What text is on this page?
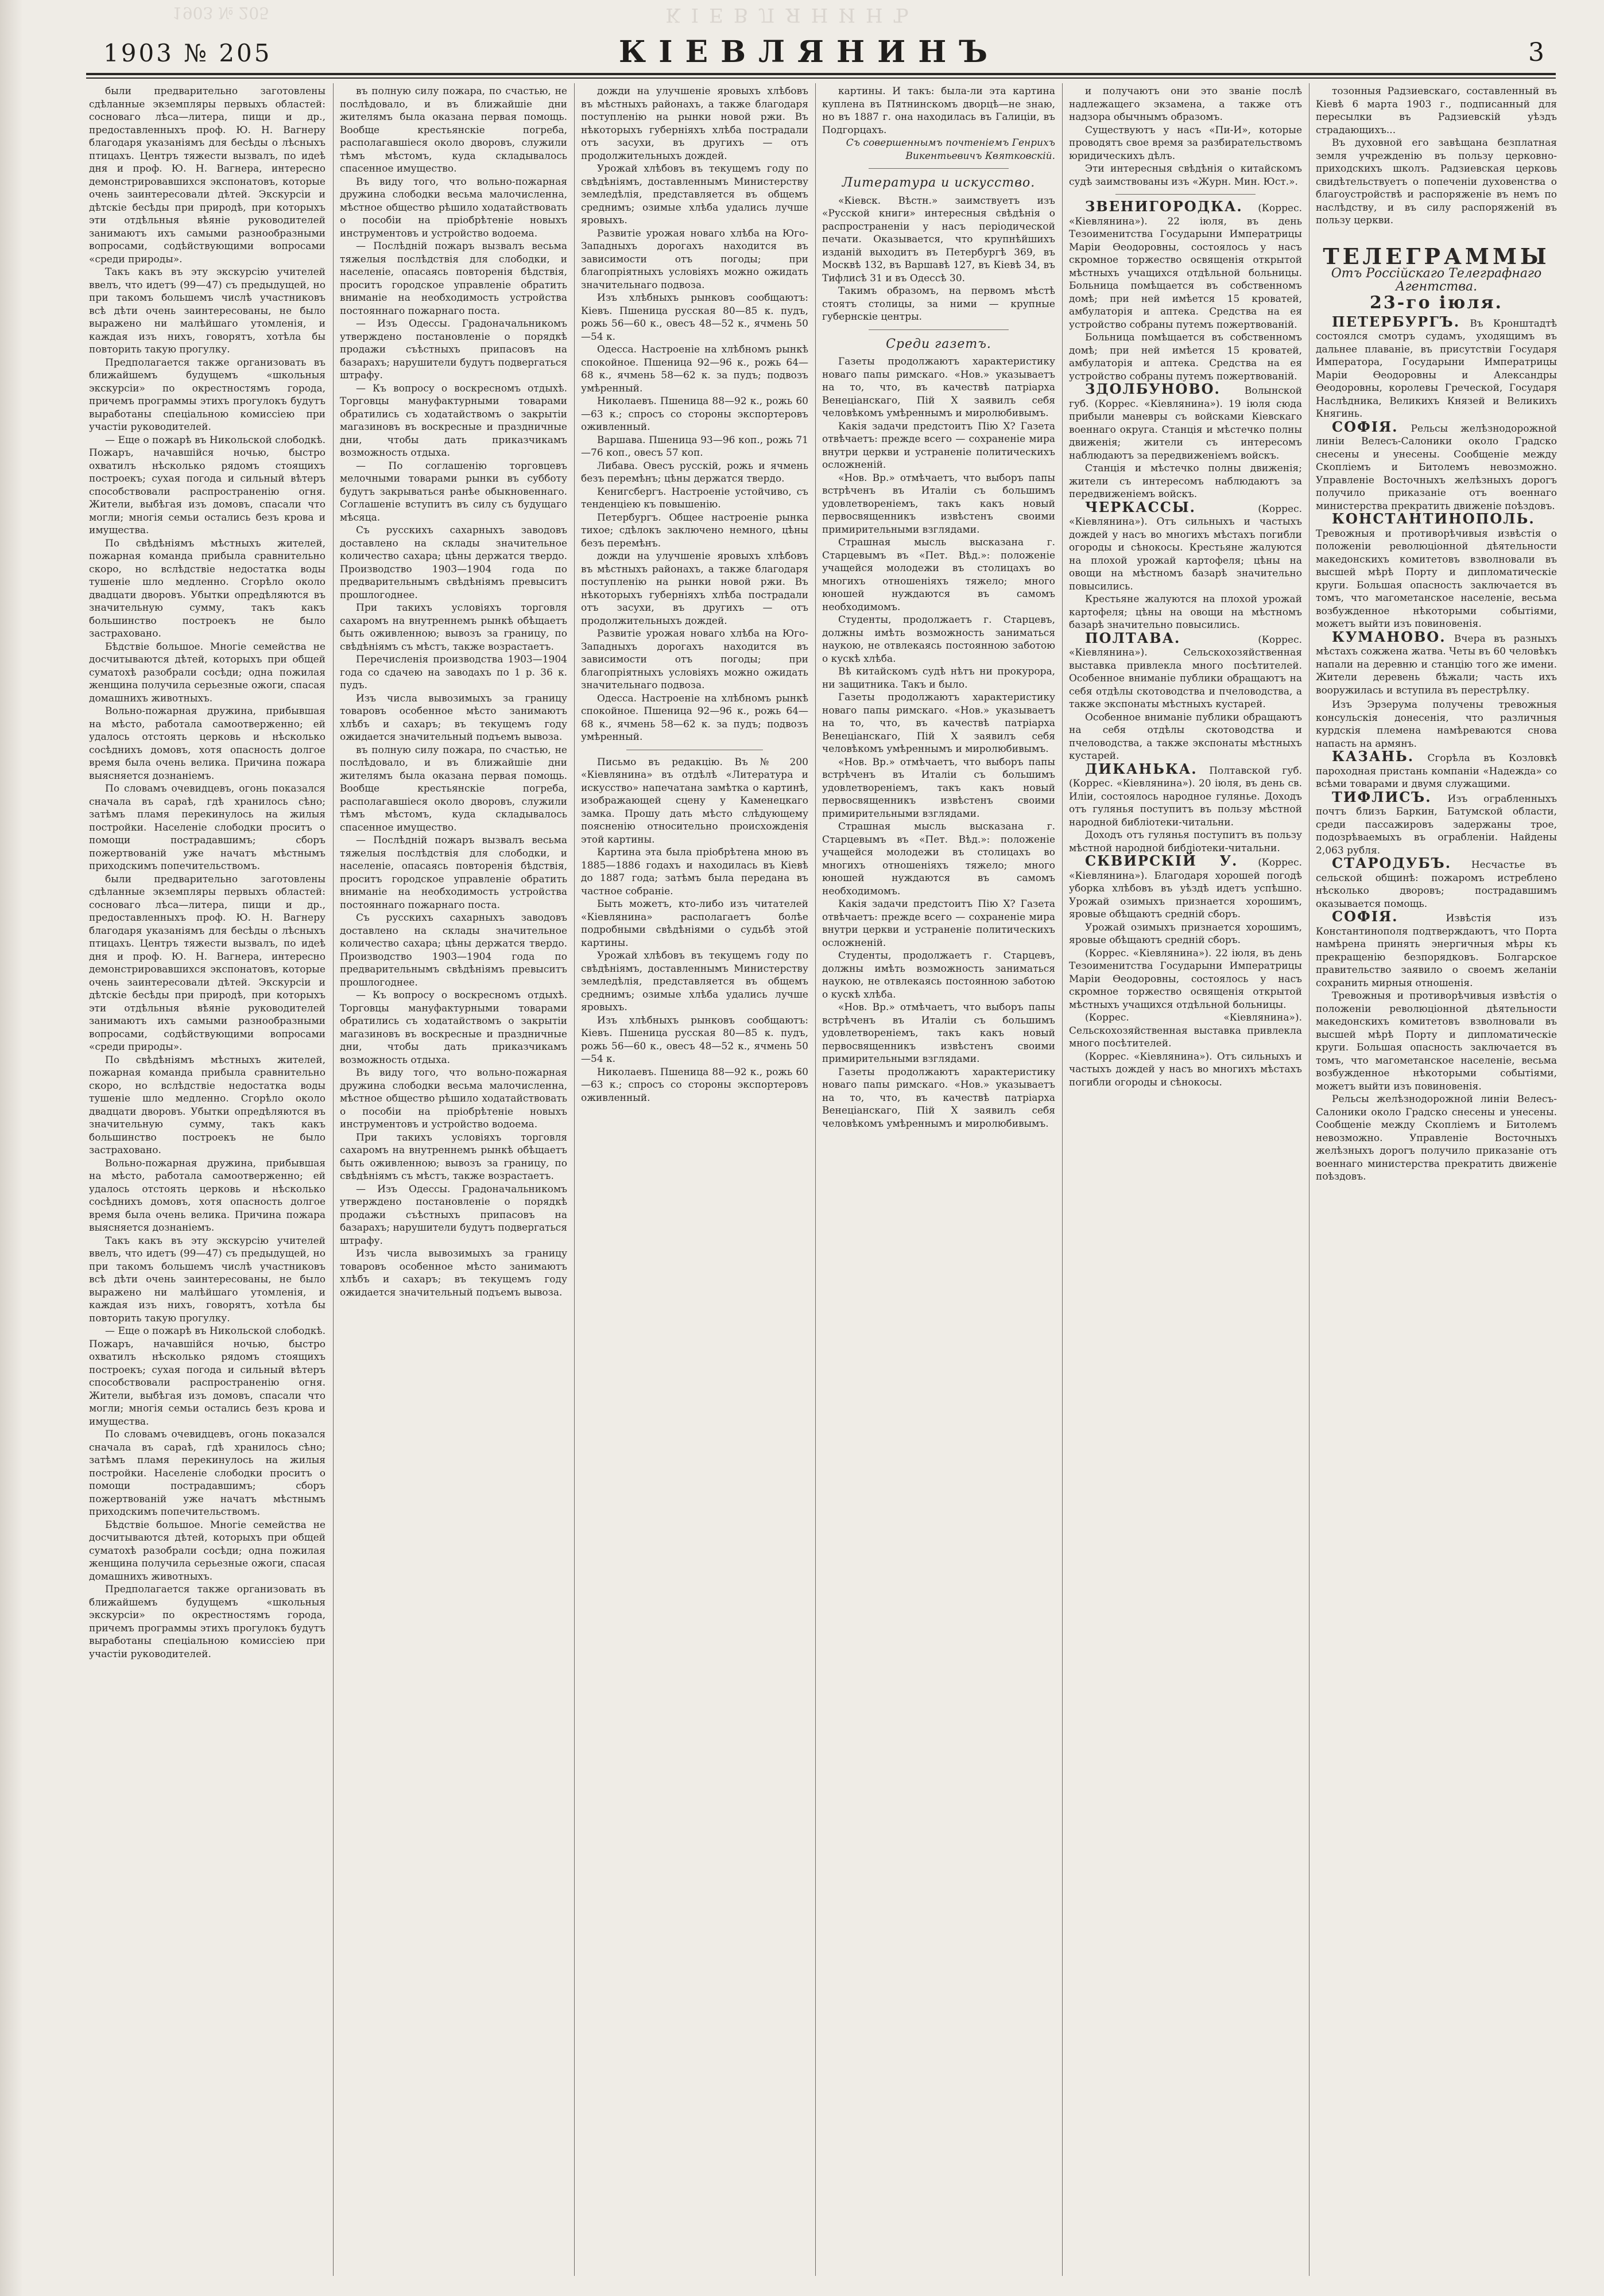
1903 № 205	КІЕВЛЯНИНЪ
1903 № 205	КІЕВЛЯНИНЪ	3

были предварительно заготовлены сдѣланные экземпляры первыхъ областей: сосноваго лѣса—литера, пищи и др., предоставленныхъ проф. Ю. Н. Вагнеру благодаря указаніямъ для бесѣды о лѣсныхъ птицахъ. Центръ тяжести вызвалъ, по идеѣ дня и проф. Ю. Н. Вагнера, интересно демонстрировавшихся экспонатовъ, которые очень заинтересовали дѣтей. Экскурсіи и дѣтскіе бесѣды при природѣ, при которыхъ эти отдѣльныя вѣяніе руководителей занимаютъ ихъ самыми разнообразными вопросами, содѣйствующими вопросами «среди природы».

Такъ какъ въ эту экскурсію учителей ввелъ, что идетъ (99—47) съ предыдущей, но при такомъ большемъ числѣ участниковъ всѣ дѣти очень заинтересованы, не было выражено ни малѣйшаго утомленія, и каждая изъ нихъ, говорятъ, хотѣла бы повторить такую прогулку.

Предполагается также организовать въ ближайшемъ будущемъ «школьныя экскурсіи» по окрестностямъ города, причемъ программы этихъ прогулокъ будутъ выработаны спеціальною комиссіею при участіи руководителей.

— Еще о пожарѣ въ Никольской слободкѣ. Пожаръ, начавшійся ночью, быстро охватилъ нѣсколько рядомъ стоящихъ построекъ; сухая погода и сильный вѣтеръ способствовали распространенію огня. Жители, выбѣгая изъ домовъ, спасали что могли; многія семьи остались безъ крова и имущества.

По свѣдѣніямъ мѣстныхъ жителей, пожарная команда прибыла сравнительно скоро, но вслѣдствіе недостатка воды тушеніе шло медленно. Сгорѣло около двадцати дворовъ. Убытки опредѣляются въ значительную сумму, такъ какъ большинство построекъ не было застраховано.

Бѣдствіе большое. Многіе семейства не досчитываются дѣтей, которыхъ при общей суматохѣ разобрали сосѣди; одна пожилая женщина получила серьезные ожоги, спасая домашнихъ животныхъ.

Вольно-пожарная дружина, прибывшая на мѣсто, работала самоотверженно; ей удалось отстоять церковь и нѣсколько сосѣднихъ домовъ, хотя опасность долгое время была очень велика. Причина пожара выясняется дознаніемъ.

По словамъ очевидцевъ, огонь показался сначала въ сараѣ, гдѣ хранилось сѣно; затѣмъ пламя перекинулось на жилыя постройки. Населеніе слободки проситъ о помощи пострадавшимъ; сборъ пожертвованій уже начатъ мѣстнымъ приходскимъ попечительствомъ.

были предварительно заготовлены сдѣланные экземпляры первыхъ областей: сосноваго лѣса—литера, пищи и др., предоставленныхъ проф. Ю. Н. Вагнеру благодаря указаніямъ для бесѣды о лѣсныхъ птицахъ. Центръ тяжести вызвалъ, по идеѣ дня и проф. Ю. Н. Вагнера, интересно демонстрировавшихся экспонатовъ, которые очень заинтересовали дѣтей. Экскурсіи и дѣтскіе бесѣды при природѣ, при которыхъ эти отдѣльныя вѣяніе руководителей занимаютъ ихъ самыми разнообразными вопросами, содѣйствующими вопросами «среди природы».

По свѣдѣніямъ мѣстныхъ жителей, пожарная команда прибыла сравнительно скоро, но вслѣдствіе недостатка воды тушеніе шло медленно. Сгорѣло около двадцати дворовъ. Убытки опредѣляются въ значительную сумму, такъ какъ большинство построекъ не было застраховано.

Вольно-пожарная дружина, прибывшая на мѣсто, работала самоотверженно; ей удалось отстоять церковь и нѣсколько сосѣднихъ домовъ, хотя опасность долгое время была очень велика. Причина пожара выясняется дознаніемъ.

Такъ какъ въ эту экскурсію учителей ввелъ, что идетъ (99—47) съ предыдущей, но при такомъ большемъ числѣ участниковъ всѣ дѣти очень заинтересованы, не было выражено ни малѣйшаго утомленія, и каждая изъ нихъ, говорятъ, хотѣла бы повторить такую прогулку.

— Еще о пожарѣ въ Никольской слободкѣ. Пожаръ, начавшійся ночью, быстро охватилъ нѣсколько рядомъ стоящихъ построекъ; сухая погода и сильный вѣтеръ способствовали распространенію огня. Жители, выбѣгая изъ домовъ, спасали что могли; многія семьи остались безъ крова и имущества.

По словамъ очевидцевъ, огонь показался сначала въ сараѣ, гдѣ хранилось сѣно; затѣмъ пламя перекинулось на жилыя постройки. Населеніе слободки проситъ о помощи пострадавшимъ; сборъ пожертвованій уже начатъ мѣстнымъ приходскимъ попечительствомъ.

Бѣдствіе большое. Многіе семейства не досчитываются дѣтей, которыхъ при общей суматохѣ разобрали сосѣди; одна пожилая женщина получила серьезные ожоги, спасая домашнихъ животныхъ.

Предполагается также организовать въ ближайшемъ будущемъ «школьныя экскурсіи» по окрестностямъ города, причемъ программы этихъ прогулокъ будутъ выработаны спеціальною комиссіею при участіи руководителей.

въ полную силу пожара, по счастью, не послѣдовало, и въ ближайшіе дни жителямъ была оказана первая помощь. Вообще крестьянскіе погреба, располагавшіеся около дворовъ, служили тѣмъ мѣстомъ, куда складывалось спасенное имущество.

Въ виду того, что вольно-пожарная дружина слободки весьма малочисленна, мѣстное общество рѣшило ходатайствовать о пособіи на пріобрѣтеніе новыхъ инструментовъ и устройство водоема.

— Послѣдній пожаръ вызвалъ весьма тяжелыя послѣдствія для слободки, и населеніе, опасаясь повторенія бѣдствія, проситъ городское управленіе обратить вниманіе на необходимость устройства постояннаго пожарнаго поста.

— Изъ Одессы. Градоначальникомъ утверждено постановленіе о порядкѣ продажи съѣстныхъ припасовъ на базарахъ; нарушители будутъ подвергаться штрафу.

— Къ вопросу о воскресномъ отдыхѣ. Торговцы мануфактурными товарами обратились съ ходатайствомъ о закрытіи магазиновъ въ воскресные и праздничные дни, чтобы дать приказчикамъ возможность отдыха.

— По соглашенію торговцевъ мелочными товарами рынки въ субботу будутъ закрываться ранѣе обыкновеннаго. Соглашеніе вступитъ въ силу съ будущаго мѣсяца.

Съ русскихъ сахарныхъ заводовъ доставлено на склады значительное количество сахара; цѣны держатся твердо. Производство 1903—1904 года по предварительнымъ свѣдѣніямъ превыситъ прошлогоднее.

При такихъ условіяхъ торговля сахаромъ на внутреннемъ рынкѣ обѣщаетъ быть оживленною; вывозъ за границу, по свѣдѣніямъ съ мѣстъ, также возрастаетъ.

Перечисленія производства 1903—1904 года со сдачею на заводахъ по 1 р. 36 к. пудъ.

Изъ числа вывозимыхъ за границу товаровъ особенное мѣсто занимаютъ хлѣбъ и сахаръ; въ текущемъ году ожидается значительный подъемъ вывоза.

въ полную силу пожара, по счастью, не послѣдовало, и въ ближайшіе дни жителямъ была оказана первая помощь. Вообще крестьянскіе погреба, располагавшіеся около дворовъ, служили тѣмъ мѣстомъ, куда складывалось спасенное имущество.

— Послѣдній пожаръ вызвалъ весьма тяжелыя послѣдствія для слободки, и населеніе, опасаясь повторенія бѣдствія, проситъ городское управленіе обратить вниманіе на необходимость устройства постояннаго пожарнаго поста.

Съ русскихъ сахарныхъ заводовъ доставлено на склады значительное количество сахара; цѣны держатся твердо. Производство 1903—1904 года по предварительнымъ свѣдѣніямъ превыситъ прошлогоднее.

— Къ вопросу о воскресномъ отдыхѣ. Торговцы мануфактурными товарами обратились съ ходатайствомъ о закрытіи магазиновъ въ воскресные и праздничные дни, чтобы дать приказчикамъ возможность отдыха.

Въ виду того, что вольно-пожарная дружина слободки весьма малочисленна, мѣстное общество рѣшило ходатайствовать о пособіи на пріобрѣтеніе новыхъ инструментовъ и устройство водоема.

При такихъ условіяхъ торговля сахаромъ на внутреннемъ рынкѣ обѣщаетъ быть оживленною; вывозъ за границу, по свѣдѣніямъ съ мѣстъ, также возрастаетъ.

— Изъ Одессы. Градоначальникомъ утверждено постановленіе о порядкѣ продажи съѣстныхъ припасовъ на базарахъ; нарушители будутъ подвергаться штрафу.

Изъ числа вывозимыхъ за границу товаровъ особенное мѣсто занимаютъ хлѣбъ и сахаръ; въ текущемъ году ожидается значительный подъемъ вывоза.

дожди на улучшеніе яровыхъ хлѣбовъ въ мѣстныхъ районахъ, а также благодаря поступленію на рынки новой ржи. Въ нѣкоторыхъ губерніяхъ хлѣба пострадали отъ засухи, въ другихъ — отъ продолжительныхъ дождей.

Урожай хлѣбовъ въ текущемъ году по свѣдѣніямъ, доставленнымъ Министерству земледѣлія, представляется въ общемъ среднимъ; озимые хлѣба удались лучше яровыхъ.

Развитіе урожая новаго хлѣба на Юго-Западныхъ дорогахъ находится въ зависимости отъ погоды; при благопріятныхъ условіяхъ можно ожидать значительнаго подвоза.

Изъ хлѣбныхъ рынковъ сообщаютъ: Кіевъ. Пшеница русская 80—85 к. пудъ, рожь 56—60 к., овесъ 48—52 к., ячмень 50—54 к.

Одесса. Настроеніе на хлѣбномъ рынкѣ спокойное. Пшеница 92—96 к., рожь 64—68 к., ячмень 58—62 к. за пудъ; подвозъ умѣренный.

Николаевъ. Пшеница 88—92 к., рожь 60—63 к.; спросъ со стороны экспортеровъ оживленный.

Варшава. Пшеница 93—96 коп., рожь 71—76 коп., овесъ 57 коп.

Либава. Овесъ русскій, рожь и ячмень безъ перемѣнъ; цѣны держатся твердо.

Кенигсбергъ. Настроеніе устойчиво, съ тенденціею къ повышенію.

Петербургъ. Общее настроеніе рынка тихое; сдѣлокъ заключено немного, цѣны безъ перемѣнъ.

дожди на улучшеніе яровыхъ хлѣбовъ въ мѣстныхъ районахъ, а также благодаря поступленію на рынки новой ржи. Въ нѣкоторыхъ губерніяхъ хлѣба пострадали отъ засухи, въ другихъ — отъ продолжительныхъ дождей.

Развитіе урожая новаго хлѣба на Юго-Западныхъ дорогахъ находится въ зависимости отъ погоды; при благопріятныхъ условіяхъ можно ожидать значительнаго подвоза.

Одесса. Настроеніе на хлѣбномъ рынкѣ спокойное. Пшеница 92—96 к., рожь 64—68 к., ячмень 58—62 к. за пудъ; подвозъ умѣренный.

Письмо въ редакцію. Въ № 200 «Кіевлянина» въ отдѣлѣ «Литература и искусство» напечатана замѣтка о картинѣ, изображающей сцену у Каменецкаго замка. Прошу дать мѣсто слѣдующему поясненію относительно происхожденія этой картины.

Картина эта была пріобрѣтена мною въ 1885—1886 годахъ и находилась въ Кіевѣ до 1887 года; затѣмъ была передана въ частное собраніе.

Быть можетъ, кто-либо изъ читателей «Кіевлянина» располагаетъ болѣе подробными свѣдѣніями о судьбѣ этой картины.

Урожай хлѣбовъ въ текущемъ году по свѣдѣніямъ, доставленнымъ Министерству земледѣлія, представляется въ общемъ среднимъ; озимые хлѣба удались лучше яровыхъ.

Изъ хлѣбныхъ рынковъ сообщаютъ: Кіевъ. Пшеница русская 80—85 к. пудъ, рожь 56—60 к., овесъ 48—52 к., ячмень 50—54 к.

Николаевъ. Пшеница 88—92 к., рожь 60—63 к.; спросъ со стороны экспортеровъ оживленный.

картины. И такъ: была-ли эта картина куплена въ Пятнинскомъ дворцѣ—не знаю, но въ 1887 г. она находилась въ Галиціи, въ Подгорцахъ.

Съ совершеннымъ почтеніемъ Генрихъ Викентьевичъ Квятковскій.

Литература и искусство.

«Кіевск. Вѣстн.» заимствуетъ изъ «Русской книги» интересныя свѣдѣнія о распространеніи у насъ періодической печати. Оказывается, что крупнѣйшихъ изданій выходитъ въ Петербургѣ 369, въ Москвѣ 132, въ Варшавѣ 127, въ Кіевѣ 34, въ Тифлисѣ 31 и въ Одессѣ 30.

Такимъ образомъ, на первомъ мѣстѣ стоятъ столицы, за ними — крупные губернскіе центры.

Среди газетъ.

Газеты продолжаютъ характеристику новаго папы римскаго. «Нов.» указываетъ на то, что, въ качествѣ патріарха Венеціанскаго, Пій X заявилъ себя человѣкомъ умѣреннымъ и миролюбивымъ.

Какія задачи предстоитъ Пію X? Газета отвѣчаетъ: прежде всего — сохраненіе мира внутри церкви и устраненіе политическихъ осложненій.

«Нов. Вр.» отмѣчаетъ, что выборъ папы встрѣченъ въ Италіи съ большимъ удовлетвореніемъ, такъ какъ новый первосвященникъ извѣстенъ своими примирительными взглядами.

Страшная мысль высказана г. Старцевымъ въ «Пет. Вѣд.»: положеніе учащейся молодежи въ столицахъ во многихъ отношеніяхъ тяжело; много юношей нуждаются въ самомъ необходимомъ.

Студенты, продолжаетъ г. Старцевъ, должны имѣть возможность заниматься наукою, не отвлекаясь постоянною заботою о кускѣ хлѣба.

Вѣ китайскомъ судѣ нѣтъ ни прокурора, ни защитника. Такъ и было.

Газеты продолжаютъ характеристику новаго папы римскаго. «Нов.» указываетъ на то, что, въ качествѣ патріарха Венеціанскаго, Пій X заявилъ себя человѣкомъ умѣреннымъ и миролюбивымъ.

«Нов. Вр.» отмѣчаетъ, что выборъ папы встрѣченъ въ Италіи съ большимъ удовлетвореніемъ, такъ какъ новый первосвященникъ извѣстенъ своими примирительными взглядами.

Страшная мысль высказана г. Старцевымъ въ «Пет. Вѣд.»: положеніе учащейся молодежи въ столицахъ во многихъ отношеніяхъ тяжело; много юношей нуждаются въ самомъ необходимомъ.

Какія задачи предстоитъ Пію X? Газета отвѣчаетъ: прежде всего — сохраненіе мира внутри церкви и устраненіе политическихъ осложненій.

Студенты, продолжаетъ г. Старцевъ, должны имѣть возможность заниматься наукою, не отвлекаясь постоянною заботою о кускѣ хлѣба.

«Нов. Вр.» отмѣчаетъ, что выборъ папы встрѣченъ въ Италіи съ большимъ удовлетвореніемъ, такъ какъ новый первосвященникъ извѣстенъ своими примирительными взглядами.

Газеты продолжаютъ характеристику новаго папы римскаго. «Нов.» указываетъ на то, что, въ качествѣ патріарха Венеціанскаго, Пій X заявилъ себя человѣкомъ умѣреннымъ и миролюбивымъ.

и получаютъ они это званіе послѣ надлежащего экзамена, а также отъ надзора обычнымъ образомъ.

Существуютъ у насъ «Пи-И», которые проводятъ свое время за разбирательствомъ юридическихъ дѣлъ.

Эти интересныя свѣдѣнія о китайскомъ судѣ заимствованы изъ «Журн. Мин. Юст.».

ЗВЕНИГОРОДКА. (Коррес. «Кіевлянина»). 22 іюля, въ день Тезоименитства Государыни Императрицы Маріи Ѳеодоровны, состоялось у насъ скромное торжество освященія открытой мѣстныхъ учащихся отдѣльной больницы. Больница помѣщается въ собственномъ домѣ; при ней имѣется 15 кроватей, амбулаторія и аптека. Средства на ея устройство собраны путемъ пожертвованій.

Больница помѣщается въ собственномъ домѣ; при ней имѣется 15 кроватей, амбулаторія и аптека. Средства на ея устройство собраны путемъ пожертвованій.

ЗДОЛБУНОВО. Волынской губ. (Коррес. «Кіевлянина»). 19 іюля сюда прибыли маневры съ войсками Кіевскаго военнаго округа. Станція и мѣстечко полны движенія; жители съ интересомъ наблюдаютъ за передвиженіемъ войскъ.

Станція и мѣстечко полны движенія; жители съ интересомъ наблюдаютъ за передвиженіемъ войскъ.

ЧЕРКАССЫ.	(Коррес. «Кіевлянина»). Отъ сильныхъ и частыхъ дождей у насъ во многихъ мѣстахъ погибли огороды и сѣнокосы. Крестьяне жалуются на плохой урожай картофеля; цѣны на овощи на мѣстномъ базарѣ значительно повысились.

Крестьяне жалуются на плохой урожай картофеля; цѣны на овощи на мѣстномъ базарѣ значительно повысились.

ПОЛТАВА.	(Коррес. «Кіевлянина»). Сельскохозяйственная выставка привлекла много посѣтителей. Особенное вниманіе публики обращаютъ на себя отдѣлы скотоводства и пчеловодства, а также экспонаты мѣстныхъ кустарей.

Особенное вниманіе публики обращаютъ на себя отдѣлы скотоводства и пчеловодства, а также экспонаты мѣстныхъ кустарей.

ДИКАНЬКА. Полтавской губ. (Коррес. «Кіевлянина»). 20 іюля, въ день св. Иліи, состоялось народное гулянье. Доходъ отъ гулянья поступитъ въ пользу мѣстной народной библіотеки-читальни.

Доходъ отъ гулянья поступитъ въ пользу мѣстной народной библіотеки-читальни.

СКВИРСКІЙ У. (Коррес. «Кіевлянина»). Благодаря хорошей погодѣ уборка хлѣбовъ въ уѣздѣ идетъ успѣшно. Урожай озимыхъ признается хорошимъ, яровые обѣщаютъ средній сборъ.

Урожай озимыхъ признается хорошимъ, яровые обѣщаютъ средній сборъ.

(Коррес. «Кіевлянина»). 22 іюля, въ день Тезоименитства Государыни Императрицы Маріи Ѳеодоровны, состоялось у насъ скромное торжество освященія открытой мѣстныхъ учащихся отдѣльной больницы.

(Коррес. «Кіевлянина»). Сельскохозяйственная выставка привлекла много посѣтителей.

(Коррес. «Кіевлянина»). Отъ сильныхъ и частыхъ дождей у насъ во многихъ мѣстахъ погибли огороды и сѣнокосы.

тозонныя Радзиевскаго, составленный въ Кіевѣ 6 марта 1903 г., подписанный для пересылки въ Радзиевскій уѣздъ страдающихъ...

Въ духовной его завѣщана безплатная земля учрежденію въ пользу церковно-приходскихъ школъ. Радзиевская церковь свидѣтельствуетъ о попеченіи духовенства о благоустройствѣ и распоряженіе въ немъ по наслѣдству, и въ силу распоряженій въ пользу церкви.

ТЕЛЕГРАММЫ
Отъ Россійскаго Телеграфнаго Агентства.
23-го іюля.

ПЕТЕРБУРГЪ. Въ Кронштадтѣ состоялся смотръ судамъ, уходящимъ въ дальнее плаваніе, въ присутствіи Государя Императора, Государыни Императрицы Маріи Ѳеодоровны и Александры Ѳеодоровны, королевы Греческой, Государя Наслѣдника, Великихъ Князей и Великихъ Княгинь.

СОФІЯ. Рельсы желѣзнодорожной линіи Велесъ-Салоники около Градско снесены и унесены. Сообщеніе между Скопліемъ и Битолемъ невозможно. Управленіе Восточныхъ желѣзныхъ дорогъ получило приказаніе отъ военнаго министерства прекратить движеніе поѣздовъ.

КОНСТАНТИНОПОЛЬ. Тревожныя и противорѣчивыя извѣстія о положеніи революціонной дѣятельности македонскихъ комитетовъ взволновали въ высшей мѣрѣ Порту и дипломатическіе круги. Большая опасность заключается въ томъ, что магометанское населеніе, весьма возбужденное нѣкоторыми событіями, можетъ выйти изъ повиновенія.

КУМАНОВО. Вчера въ разныхъ мѣстахъ сожжена жатва. Четы въ 60 человѣкъ напали на деревню и станцію того же имени. Жители деревень бѣжали; часть ихъ вооружилась и вступила въ перестрѣлку.

Изъ Эрзерума получены тревожныя консульскія донесенія, что различныя курдскія племена намѣреваются снова напасть на армянъ.

КАЗАНЬ. Сгорѣла въ Козловкѣ пароходная пристань компаніи «Надежда» со всѣми товарами и двумя служащими.

ТИФЛИСЪ. Изъ ограбленныхъ почтъ близъ Баркин, Батумской области, среди пассажировъ задержаны трое, подозрѣваемыхъ въ ограбленіи. Найдены 2,063 рубля.

СТАРОДУБЪ. Несчастье въ сельской общинѣ: пожаромъ истреблено нѣсколько дворовъ; пострадавшимъ оказывается помощь.

СОФІЯ.	Извѣстія изъ Константинополя подтверждаютъ, что Порта намѣрена принять энергичныя мѣры къ прекращенію безпорядковъ. Болгарское правительство заявило о своемъ желаніи сохранить мирныя отношенія.

Тревожныя и противорѣчивыя извѣстія о положеніи революціонной дѣятельности македонскихъ комитетовъ взволновали въ высшей мѣрѣ Порту и дипломатическіе круги. Большая опасность заключается въ томъ, что магометанское населеніе, весьма возбужденное нѣкоторыми событіями, можетъ выйти изъ повиновенія.

Рельсы желѣзнодорожной линіи Велесъ-Салоники около Градско снесены и унесены. Сообщеніе между Скопліемъ и Битолемъ невозможно. Управленіе Восточныхъ желѣзныхъ дорогъ получило приказаніе отъ военнаго министерства прекратить движеніе поѣздовъ.
